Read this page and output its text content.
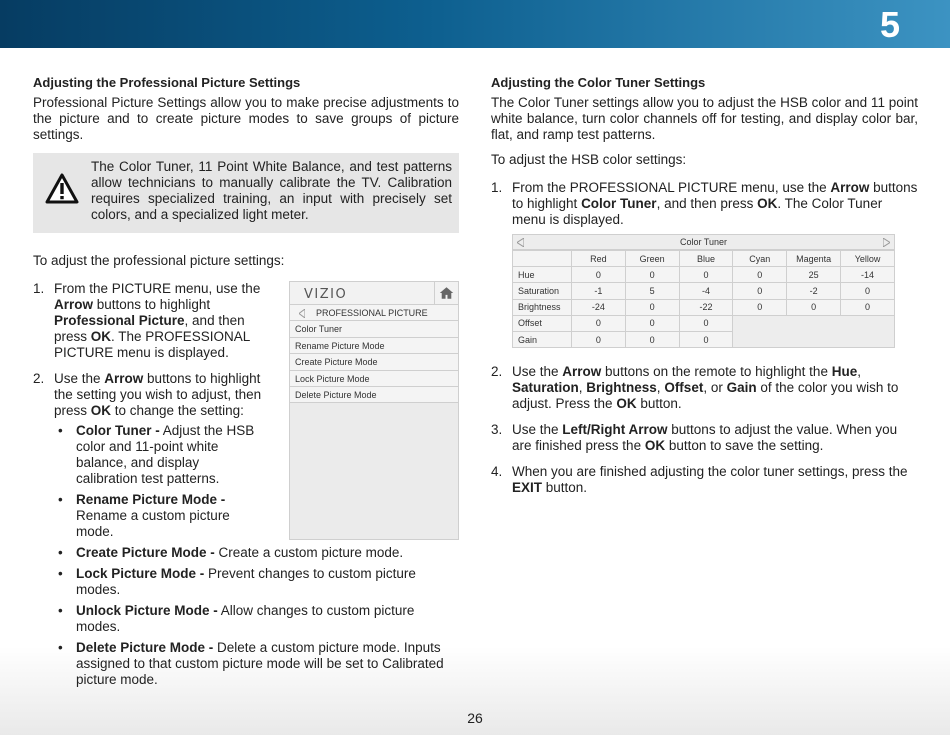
5
Adjusting the Professional Picture Settings

Professional Picture Settings allow you to make precise adjustments to the picture and to create picture modes to save groups of picture settings.

The Color Tuner, 11 Point White Balance, and test patterns allow technicians to manually calibrate the TV. Calibration requires specialized training, an input with precisely set colors, and a specialized light meter.

To adjust the professional picture settings:

1. From the PICTURE menu, use the Arrow buttons to highlight Professional Picture, and then press OK. The PROFESSIONAL PICTURE menu is displayed.
2. Use the Arrow buttons to highlight the setting you wish to adjust, then press OK to change the setting:
• Color Tuner - Adjust the HSB color and 11-point white balance, and display calibration test patterns.
• Rename Picture Mode - Rename a custom picture mode.
• Create Picture Mode - Create a custom picture mode.
• Lock Picture Mode - Prevent changes to custom picture modes.
• Unlock Picture Mode - Allow changes to custom picture modes.
• Delete Picture Mode - Delete a custom picture mode. Inputs assigned to that custom picture mode will be set to Calibrated picture mode.
VIZIO
PROFESSIONAL PICTURE
Color Tuner
Rename Picture Mode
Create Picture Mode
Lock Picture Mode
Delete Picture Mode
Adjusting the Color Tuner Settings

The Color Tuner settings allow you to adjust the HSB color and 11 point white balance, turn color channels off for testing, and display color bar, flat, and ramp test patterns.

To adjust the HSB color settings:

1. From the PROFESSIONAL PICTURE menu, use the Arrow buttons to highlight Color Tuner, and then press OK. The Color Tuner menu is displayed.
2. Use the Arrow buttons on the remote to highlight the Hue, Saturation, Brightness, Offset, or Gain of the color you wish to adjust. Press the OK button.
3. Use the Left/Right Arrow buttons to adjust the value. When you are finished press the OK button to save the setting.
4. When you are finished adjusting the color tuner settings, press the EXIT button.
Color Tuner
	Red	Green	Blue	Cyan	Magenta	Yellow
Hue	0	0	0	0	25	-14
Saturation	-1	5	-4	0	-2	0
Brightness	-24	0	-22	0	0	0
Offset	0	0	0			
Gain	0	0	0			
26
